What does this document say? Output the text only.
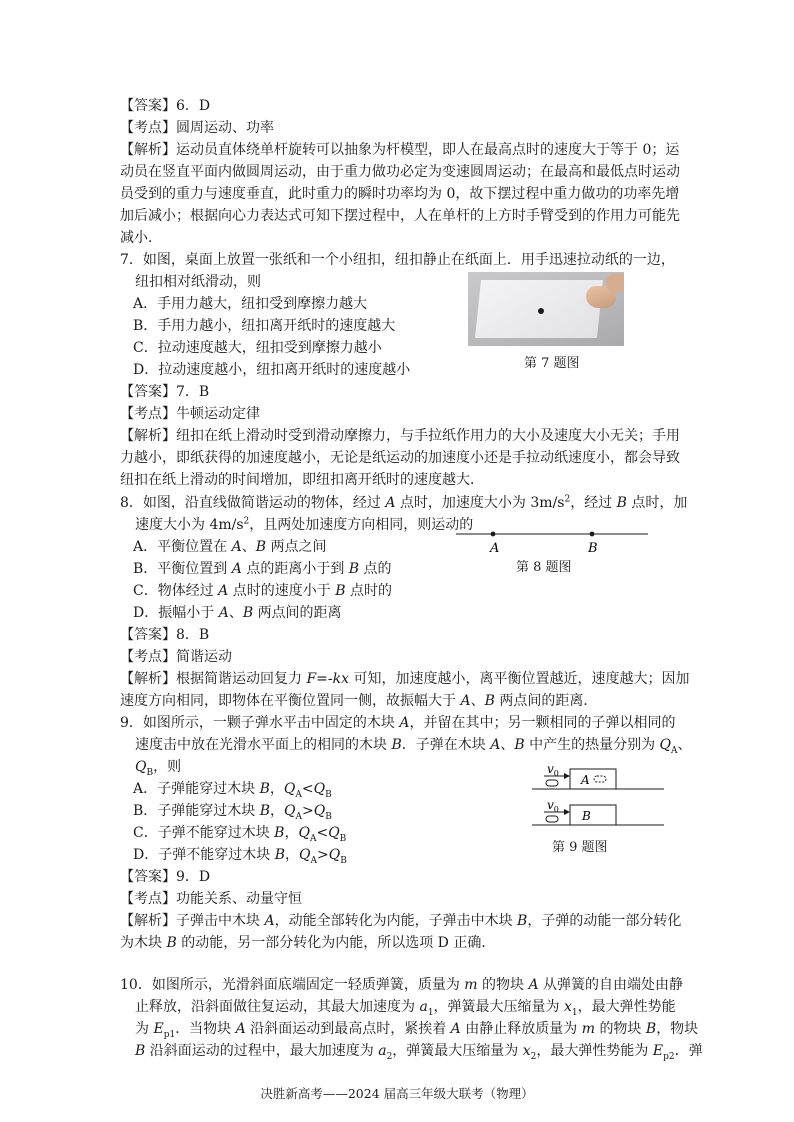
【答案】6．D
【考点】圆周运动、功率
【解析】运动员直体绕单杆旋转可以抽象为杆模型，即人在最高点时的速度大于等于 0；运
动员在竖直平面内做圆周运动，由于重力做功必定为变速圆周运动；在最高和最低点时运动
员受到的重力与速度垂直，此时重力的瞬时功率均为 0，故下摆过程中重力做功的功率先增
加后减小；根据向心力表达式可知下摆过程中，人在单杆的上方时手臂受到的作用力可能先
减小．
7．如图，桌面上放置一张纸和一个小纽扣，纽扣静止在纸面上．用手迅速拉动纸的一边，
纽扣相对纸滑动，则
A．手用力越大，纽扣受到摩擦力越大
B．手用力越小，纽扣离开纸时的速度越大
C．拉动速度越大，纽扣受到摩擦力越小
D．拉动速度越小，纽扣离开纸时的速度越小	第 7 题图
【答案】7．B
【考点】牛顿运动定律
【解析】纽扣在纸上滑动时受到滑动摩擦力，与手拉纸作用力的大小及速度大小无关；手用
力越小，即纸获得的加速度越小，无论是纸运动的加速度小还是手拉动纸速度小，都会导致
纽扣在纸上滑动的时间增加，即纽扣离开纸时的速度越大．
8．如图，沿直线做简谐运动的物体，经过 A 点时，加速度大小为 $3m/s^2$，经过 B 点时，加
速度大小为 $4m/s^2$，且两处加速度方向相同，则运动的
A．平衡位置在 A、B 两点之间
B．平衡位置到 A 点的距离小于到 B 点的
C．物体经过 A 点时的速度小于 B 点时的
D．振幅小于 A、B 两点间的距离
A	B
第 8 题图
【答案】8．B
【考点】简谐运动
【解析】根据简谐运动回复力 F=-kx 可知，加速度越小，离平衡位置越近，速度越大；因加
速度方向相同，即物体在平衡位置同一侧，故振幅大于 A、B 两点间的距离．
9．如图所示，一颗子弹水平击中固定的木块 A，并留在其中；另一颗相同的子弹以相同的
速度击中放在光滑水平面上的相同的木块 B．子弹在木块 A、B 中产生的热量分别为 $Q_A$、
$Q_B$，则
A．子弹能穿过木块 B，$Q_A<Q_B$
B．子弹能穿过木块 B，$Q_A>Q_B$
C．子弹不能穿过木块 B，$Q_A<Q_B$
D．子弹不能穿过木块 B，$Q_A>Q_B$
$v_0$ A
$v_0$ B
第 9 题图
【答案】9．D
【考点】功能关系、动量守恒
【解析】子弹击中木块 A，动能全部转化为内能，子弹击中木块 B，子弹的动能一部分转化
为木块 B 的动能，另一部分转化为内能，所以选项 D 正确．
10．如图所示，光滑斜面底端固定一轻质弹簧，质量为 m 的物块 A 从弹簧的自由端处由静
止释放，沿斜面做往复运动，其最大加速度为 $a_1$，弹簧最大压缩量为 $x_1$，最大弹性势能
为 $E_{p1}$．当物块 A 沿斜面运动到最高点时，紧挨着 A 由静止释放质量为 m 的物块 B，物块
B 沿斜面运动的过程中，最大加速度为 $a_2$，弹簧最大压缩量为 $x_2$，最大弹性势能为 $E_{p2}$．弹
决胜新高考——2024 届高三年级大联考（物理）
